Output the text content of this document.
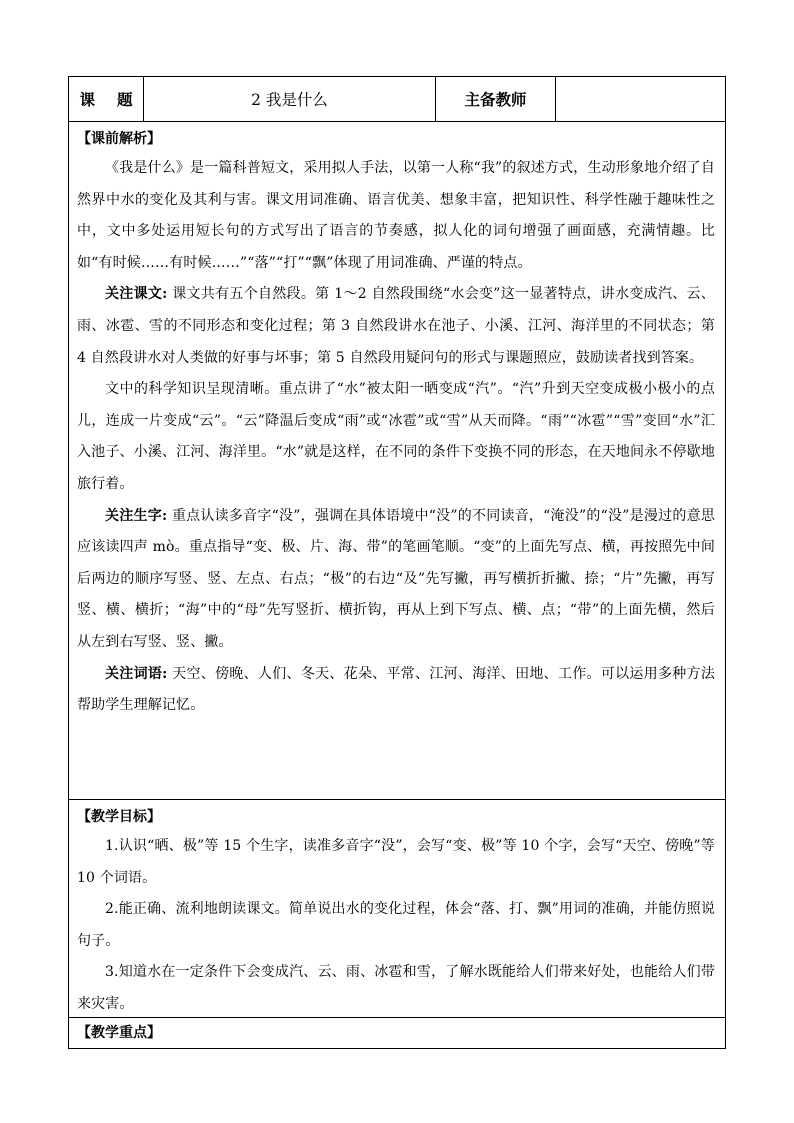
课 题	2 我是什么	主备教师
【课前解析】

《我是什么》是一篇科普短文，采用拟人手法，以第一人称“我”的叙述方式，生动形象地介绍了自然界中水的变化及其利与害。课文用词准确、语言优美、想象丰富，把知识性、科学性融于趣味性之中，文中多处运用短长句的方式写出了语言的节奏感，拟人化的词句增强了画面感，充满情趣。比如“有时候……有时候……”“落”“打”“飘”体现了用词准确、严谨的特点。

关注课文: 课文共有五个自然段。第 1～2 自然段围绕“水会变”这一显著特点，讲水变成汽、云、雨、冰雹、雪的不同形态和变化过程；第 3 自然段讲水在池子、小溪、江河、海洋里的不同状态；第 4 自然段讲水对人类做的好事与坏事；第 5 自然段用疑问句的形式与课题照应，鼓励读者找到答案。

文中的科学知识呈现清晰。重点讲了“水”被太阳一晒变成“汽”。“汽”升到天空变成极小极小的点儿，连成一片变成“云”。“云”降温后变成“雨”或“冰雹”或“雪”从天而降。“雨”“冰雹”“雪”变回“水”汇入池子、小溪、江河、海洋里。“水”就是这样，在不同的条件下变换不同的形态，在天地间永不停歇地旅行着。

关注生字: 重点认读多音字“没”，强调在具体语境中“没”的不同读音，“淹没”的“没”是漫过的意思应该读四声 mò。重点指导“变、极、片、海、带”的笔画笔顺。“变”的上面先写点、横，再按照先中间后两边的顺序写竖、竖、左点、右点；“极”的右边“及”先写撇，再写横折折撇、捺；“片”先撇，再写竖、横、横折；“海”中的“母”先写竖折、横折钩，再从上到下写点、横、点；“带”的上面先横，然后从左到右写竖、竖、撇。

关注词语: 天空、傍晚、人们、冬天、花朵、平常、江河、海洋、田地、工作。可以运用多种方法帮助学生理解记忆。

【教学目标】

1.认识“晒、极”等 15 个生字，读准多音字“没”，会写“变、极”等 10 个字，会写“天空、傍晚”等 10 个词语。

2.能正确、流利地朗读课文。简单说出水的变化过程，体会“落、打、飘”用词的准确，并能仿照说句子。

3.知道水在一定条件下会变成汽、云、雨、冰雹和雪，了解水既能给人们带来好处，也能给人们带来灾害。

【教学重点】
